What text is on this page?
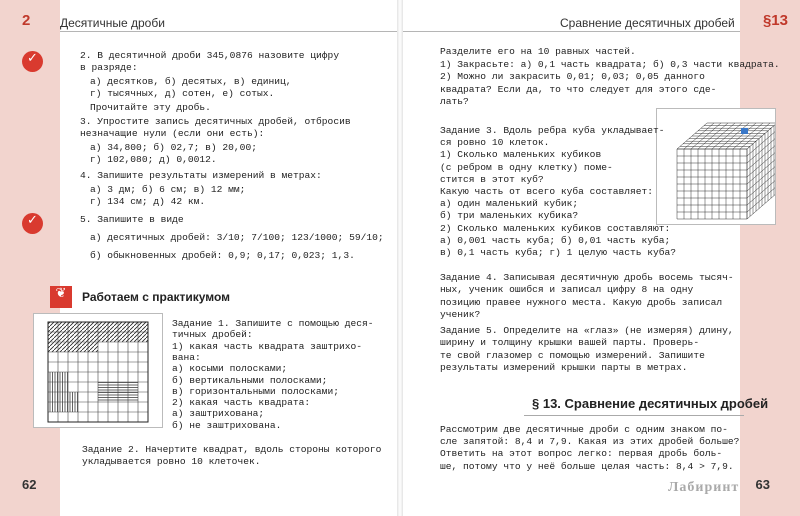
2 Десятичные дроби
✓
✓
2. В десятичной дроби 345,0876 назовите цифру
в разряде:
а) десятков, б) десятых, в) единиц,
г) тысячных, д) сотен, е) сотых.
Прочитайте эту дробь.
3. Упростите запись десятичных дробей, отбросив
незначащие нули (если они есть):
а) 34,800; б) 02,7; в) 20,00;
г) 102,080; д) 0,0012.
4. Запишите результаты измерений в метрах:
а) 3 дм; б) 6 см; в) 12 мм;
г) 134 см; д) 42 км.
5. Запишите в виде
а) десятичных дробей: 3/10; 7/100; 123/1000; 59/10;
б) обыкновенных дробей: 0,9; 0,17; 0,023; 1,3.
❦	Работаем с практикумом
Задание 1. Запишите с помощью деся-
тичных дробей:
1) какая часть квадрата заштрихо-
вана:
а) косыми полосками;
б) вертикальными полосками;
в) горизонтальными полосками;
2) какая часть квадрата:
а) заштрихована;
б) не заштрихована.
Задание 2. Начертите квадрат, вдоль стороны которого
укладывается ровно 10 клеточек.
62
Сравнение десятичных дробей §13
Разделите его на 10 равных частей.
1) Закрасьте: а) 0,1 часть квадрата; б) 0,3 части квадрата.
2) Можно ли закрасить 0,01; 0,03; 0,05 данного
квадрата? Если да, то что следует для этого сде-
лать?
Задание 3. Вдоль ребра куба укладывает-
ся ровно 10 клеток.
1) Сколько маленьких кубиков
(с ребром в одну клетку) поме-
стится в этот куб?
Какую часть от всего куба составляет:
а) один маленький кубик;
б) три маленьких кубика?
2) Сколько маленьких кубиков составляют:
а) 0,001 часть куба; б) 0,01 часть куба;
в) 0,1 часть куба; г) 1 целую часть куба?
Задание 4. Записывая десятичную дробь восемь тысяч-
ных, ученик ошибся и записал цифру 8 на одну
позицию правее нужного места. Какую дробь записал
ученик?
Задание 5. Определите на «глаз» (не измеряя) длину,
ширину и толщину крышки вашей парты. Проверь-
те свой глазомер с помощью измерений. Запишите
результаты измерений крышки парты в метрах.
§ 13. Сравнение десятичных дробей
Рассмотрим две десятичные дроби с одним знаком по-
сле запятой: 8,4 и 7,9. Какая из этих дробей больше?
Ответить на этот вопрос легко: первая дробь боль-
ше, потому что у неё больше целая часть: 8,4 > 7,9.
63
Лабиринт
